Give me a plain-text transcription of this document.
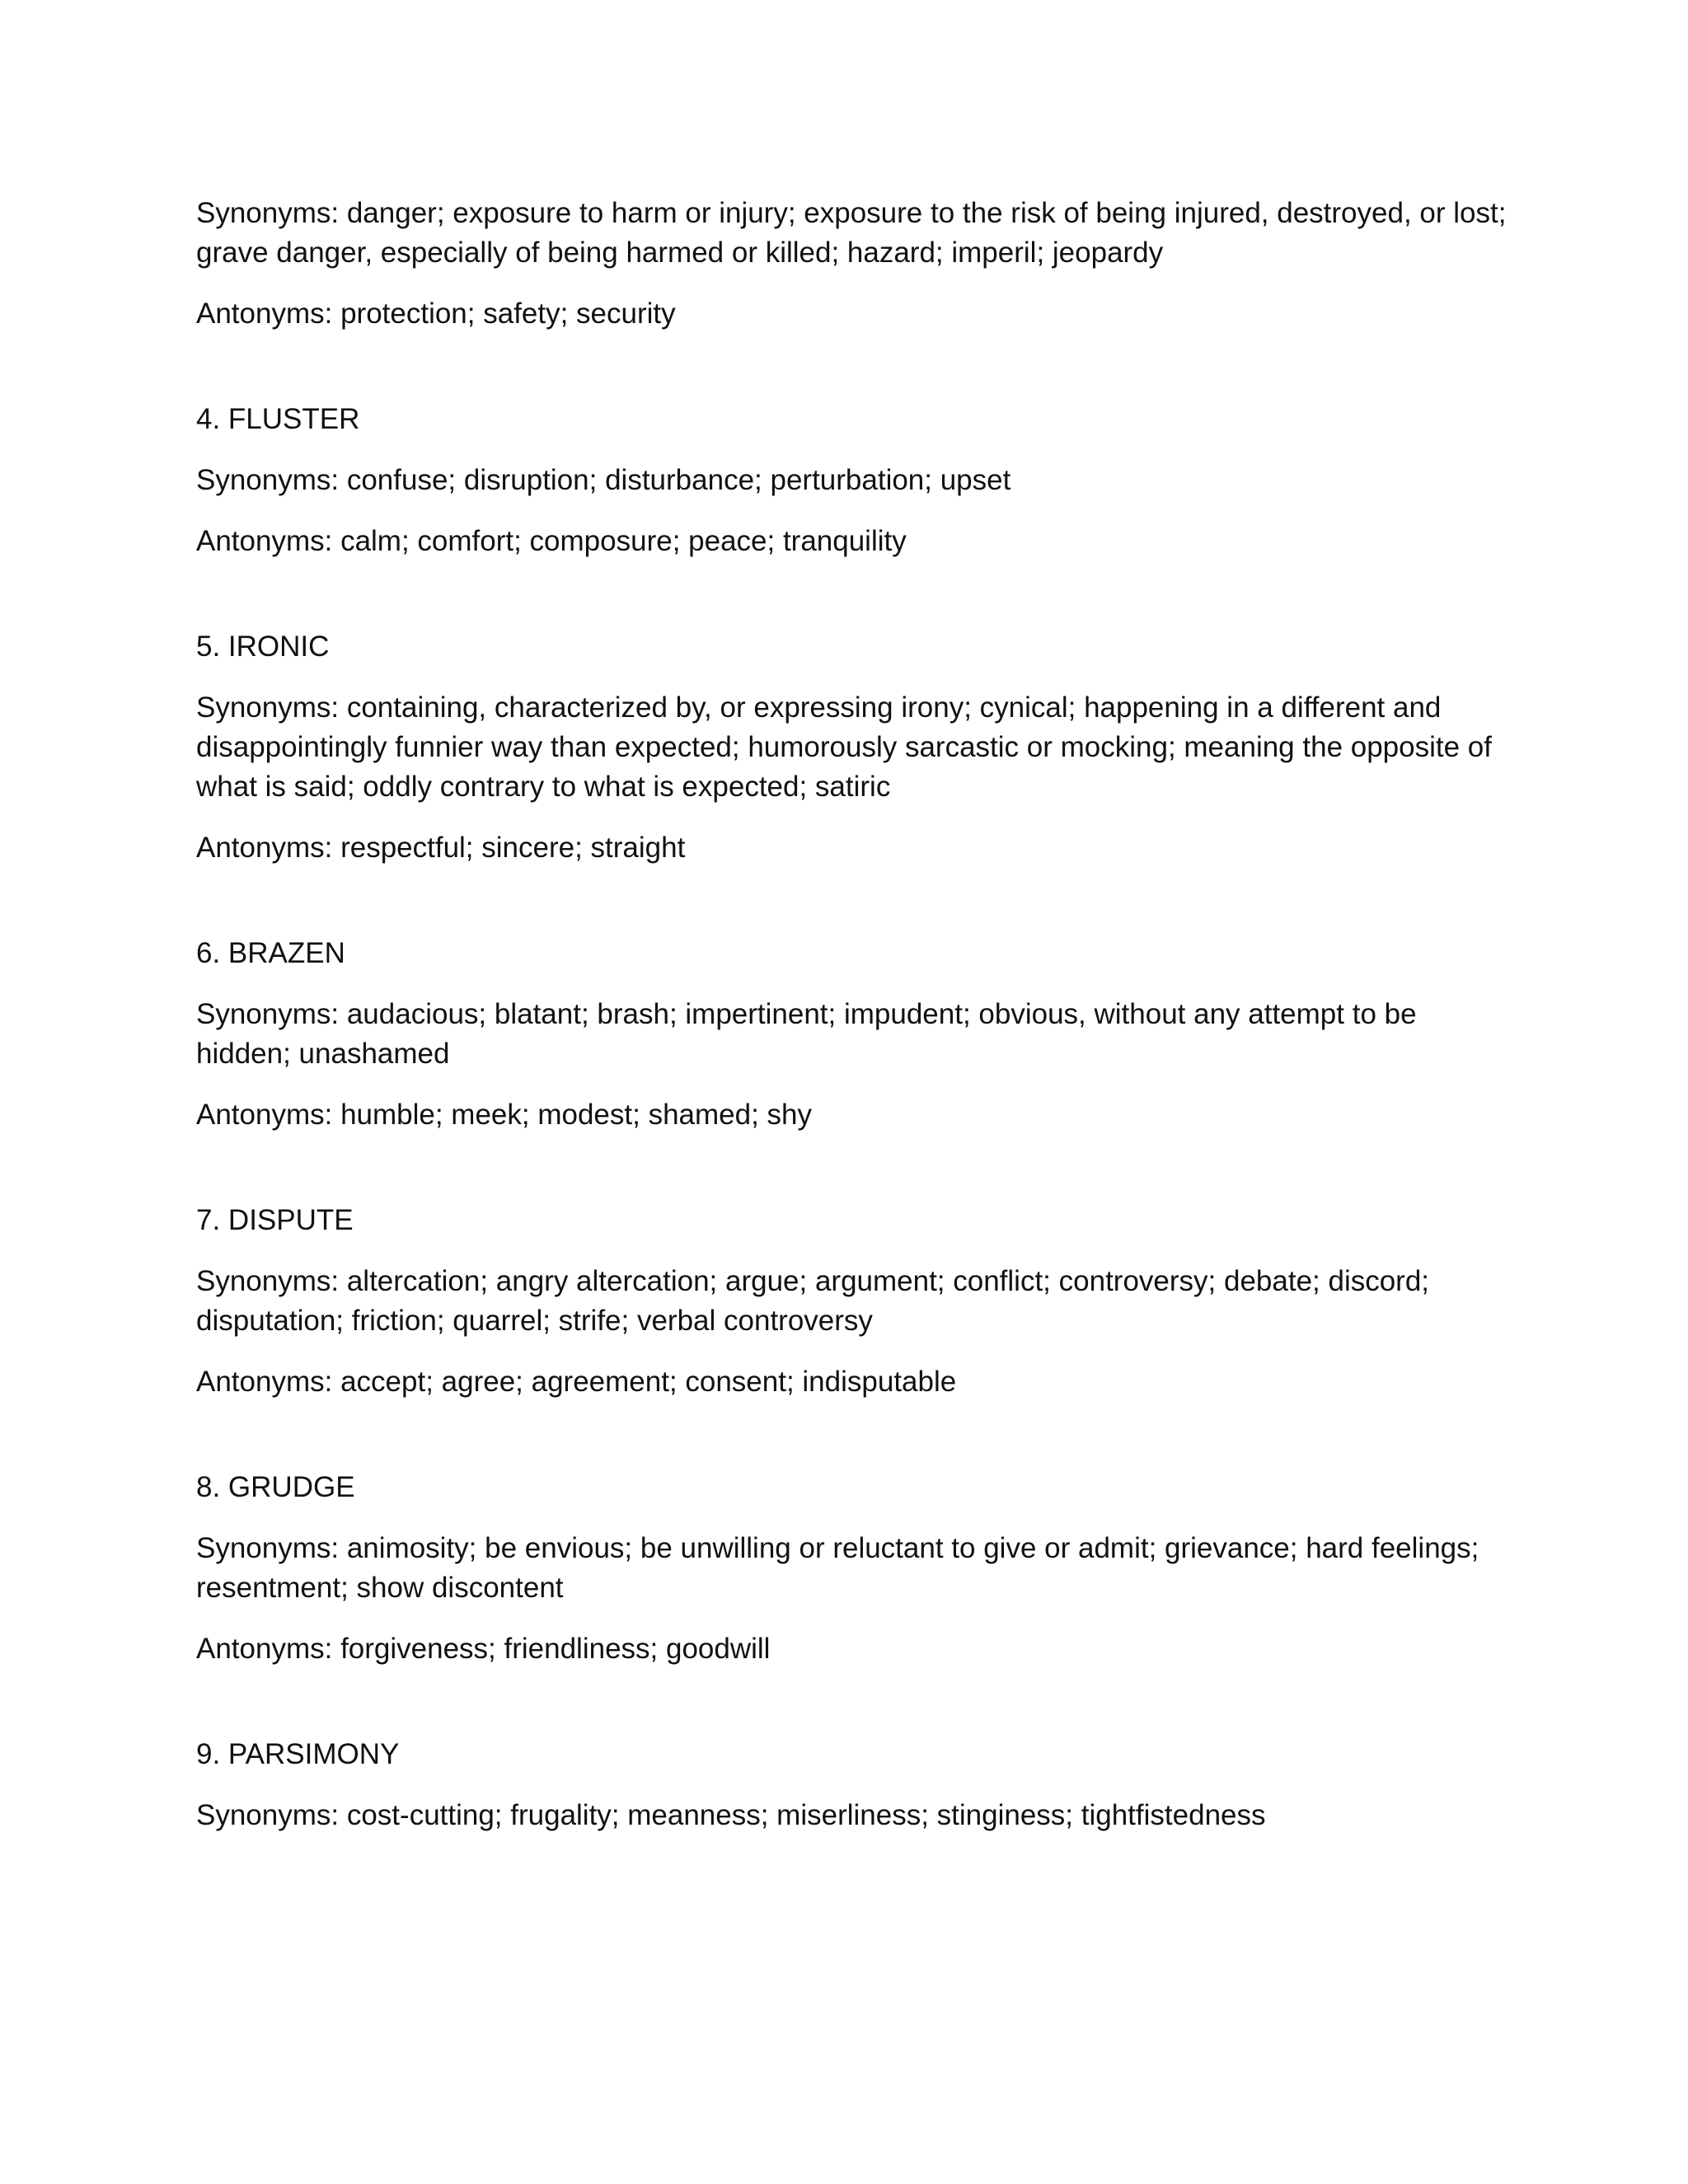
Synonyms: danger; exposure to harm or injury; exposure to the risk of being injured, destroyed, or lost; grave danger, especially of being harmed or killed; hazard; imperil; jeopardy

Antonyms: protection; safety; security

4. FLUSTER

Synonyms: confuse; disruption; disturbance; perturbation; upset

Antonyms: calm; comfort; composure; peace; tranquility

5. IRONIC

Synonyms: containing, characterized by, or expressing irony; cynical; happening in a different and disappointingly funnier way than expected; humorously sarcastic or mocking; meaning the opposite of what is said; oddly contrary to what is expected; satiric

Antonyms: respectful; sincere; straight

6. BRAZEN

Synonyms: audacious; blatant; brash; impertinent; impudent; obvious, without any attempt to be hidden; unashamed

Antonyms: humble; meek; modest; shamed; shy

7. DISPUTE

Synonyms: altercation; angry altercation; argue; argument; conflict; controversy; debate; discord; disputation; friction; quarrel; strife; verbal controversy

Antonyms: accept; agree; agreement; consent; indisputable

8. GRUDGE

Synonyms: animosity; be envious; be unwilling or reluctant to give or admit; grievance; hard feelings; resentment; show discontent

Antonyms: forgiveness; friendliness; goodwill

9. PARSIMONY

Synonyms: cost-cutting; frugality; meanness; miserliness; stinginess; tightfistedness
